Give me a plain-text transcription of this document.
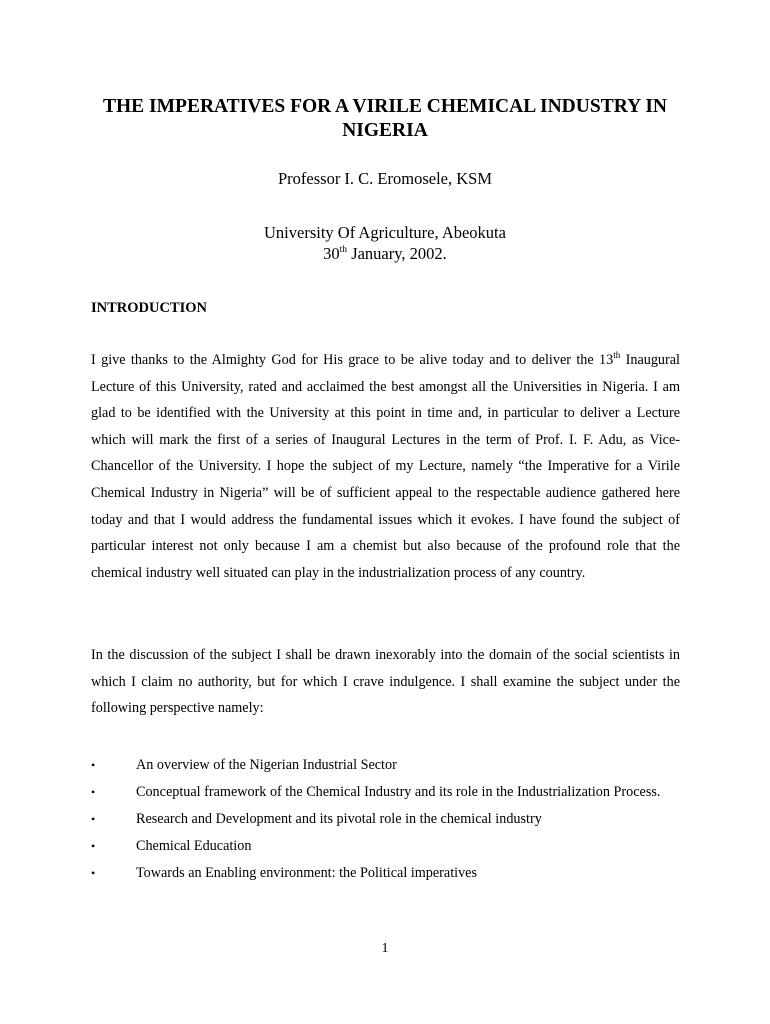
THE IMPERATIVES FOR A VIRILE CHEMICAL INDUSTRY IN NIGERIA
Professor I. C. Eromosele, KSM
University Of Agriculture, Abeokuta
30th January, 2002.
INTRODUCTION

I give thanks to the Almighty God for His grace to be alive today and to deliver the 13th Inaugural Lecture of this University, rated and acclaimed the best amongst all the Universities in Nigeria. I am glad to be identified with the University at this point in time and, in particular to deliver a Lecture which will mark the first of a series of Inaugural Lectures in the term of Prof. I. F. Adu, as Vice-Chancellor of the University. I hope the subject of my Lecture, namely “the Imperative for a Virile Chemical Industry in Nigeria” will be of sufficient appeal to the respectable audience gathered here today and that I would address the fundamental issues which it evokes. I have found the subject of particular interest not only because I am a chemist but also because of the profound role that the chemical industry well situated can play in the industrialization process of any country.

In the discussion of the subject I shall be drawn inexorably into the domain of the social scientists in which I claim no authority, but for which I crave indulgence. I shall examine the subject under the following perspective namely:

•	An overview of the Nigerian Industrial Sector
•	Conceptual framework of the Chemical Industry and its role in the Industrialization Process.
•	Research and Development and its pivotal role in the chemical industry
•	Chemical Education
•	Towards an Enabling environment: the Political imperatives
1
